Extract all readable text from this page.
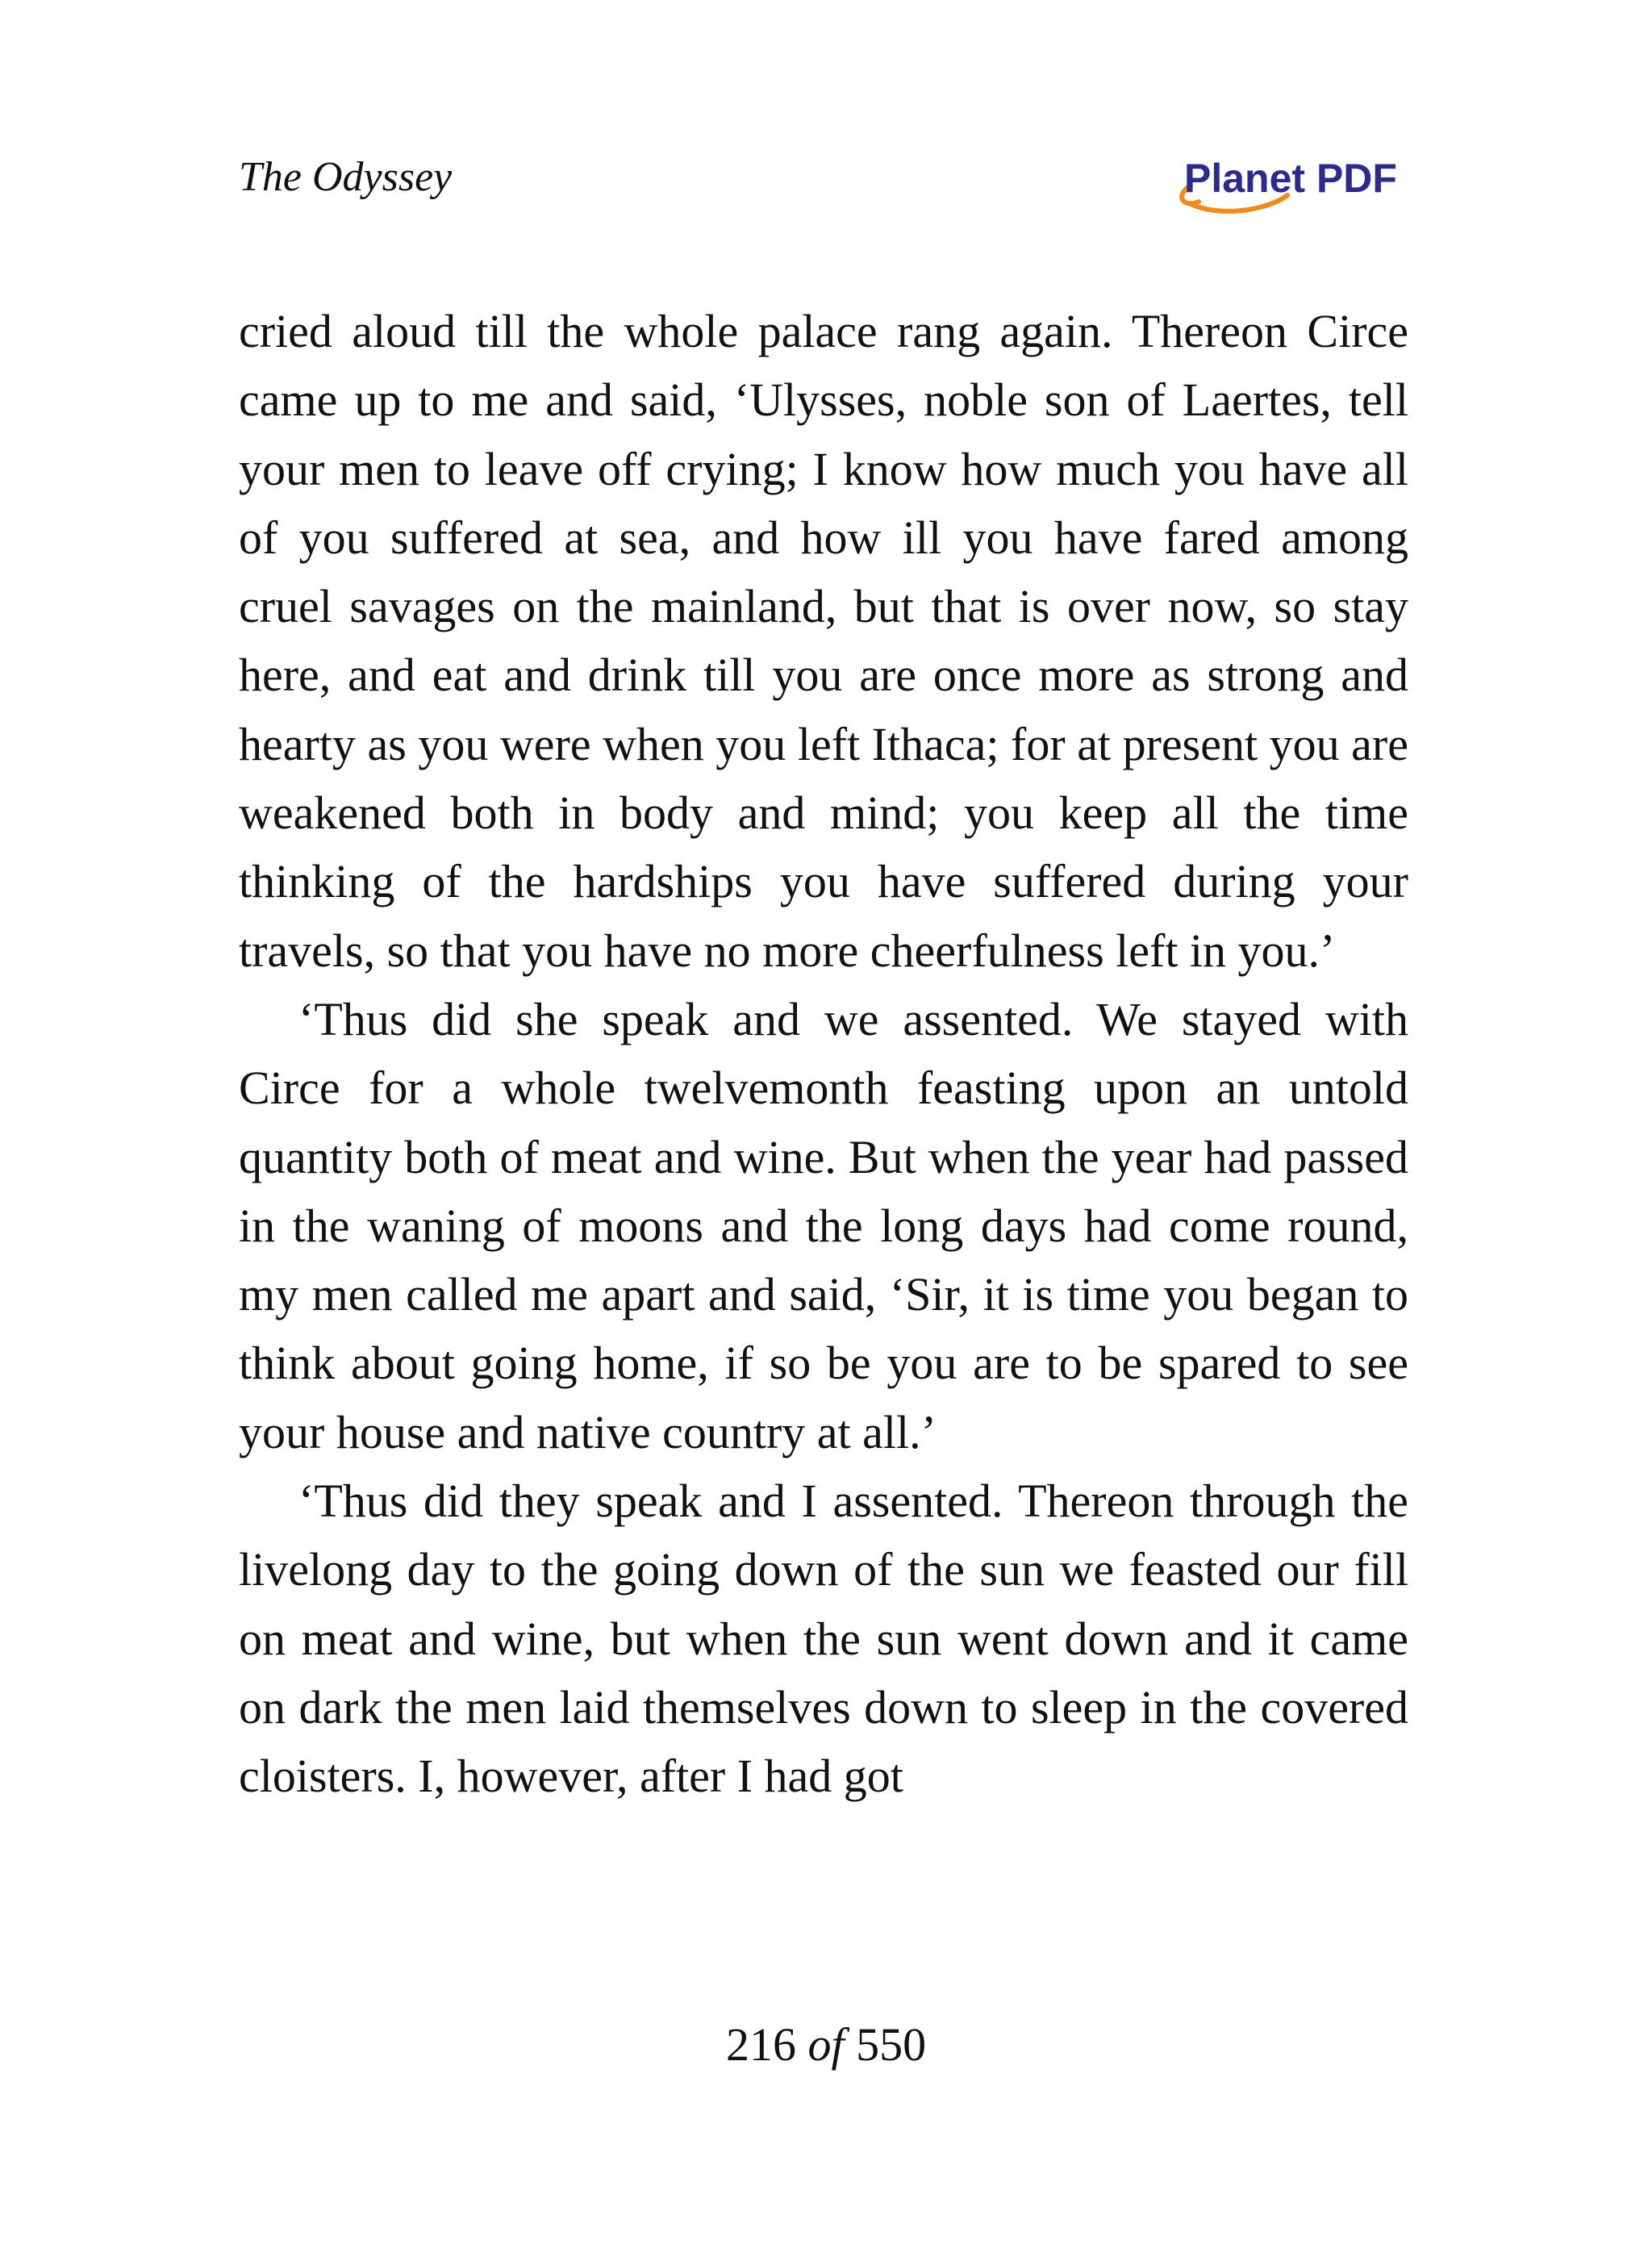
The Odyssey	Planet PDF

cried aloud till the whole palace rang again. Thereon Circe came up to me and said, ‘Ulysses, noble son of Laertes, tell your men to leave off crying; I know how much you have all of you suffered at sea, and how ill you have fared among cruel savages on the mainland, but that is over now, so stay here, and eat and drink till you are once more as strong and hearty as you were when you left Ithaca; for at present you are weakened both in body and mind; you keep all the time thinking of the hardships you have suffered during your travels, so that you have no more cheerfulness left in you.’

‘Thus did she speak and we assented. We stayed with Circe for a whole twelvemonth feasting upon an untold quantity both of meat and wine. But when the year had passed in the waning of moons and the long days had come round, my men called me apart and said, ‘Sir, it is time you began to think about going home, if so be you are to be spared to see your house and native country at all.’

‘Thus did they speak and I assented. Thereon through the livelong day to the going down of the sun we feasted our fill on meat and wine, but when the sun went down and it came on dark the men laid themselves down to sleep in the covered cloisters. I, however, after I had got

216 of 550
